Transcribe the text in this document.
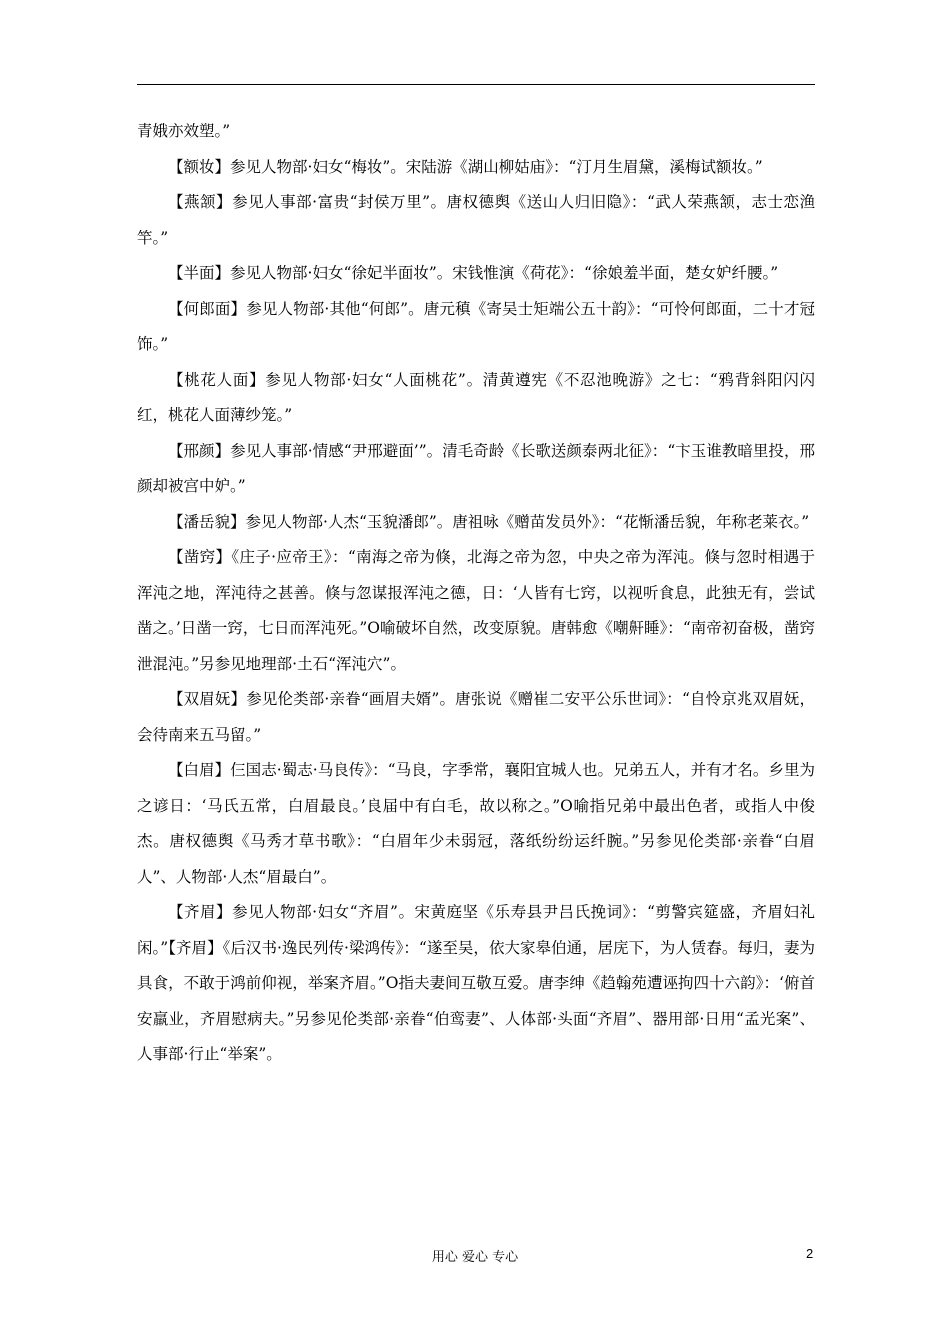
青娥亦效塑。”

【额妆】参见人物部·妇女“梅妆”。宋陆游《湖山柳姑庙》：“汀月生眉黛，溪梅试额妆。”

【燕颔】参见人事部·富贵“封侯万里”。唐权德舆《送山人归旧隐》：“武人荣燕颔，志士恋渔竿。”

【半面】参见人物部·妇女“徐妃半面妆”。宋钱惟演《荷花》：“徐娘羞半面，楚女妒纤腰。”

【何郎面】参见人物部·其他“何郎”。唐元稹《寄吴士矩端公五十韵》：“可怜何郎面，二十才冠饰。”

【桃花人面】参见人物部·妇女“人面桃花”。清黄遵宪《不忍池晚游》之七：“鸦背斜阳闪闪红，桃花人面薄纱笼。”

【邢颜】参见人事部·情感“尹邢避面’”。清毛奇龄《长歌送颜泰两北征》：“卞玉谁教暗里投，邢颜却被宫中妒。”

【潘岳貌】参见人物部·人杰“玉貌潘郎”。唐祖咏《赠苗发员外》：“花惭潘岳貌，年称老莱衣。”

【凿窍】《庄子·应帝王》：“南海之帝为倏，北海之帝为忽，中央之帝为浑沌。倏与忽时相遇于浑沌之地，浑沌待之甚善。倏与忽谋报浑沌之德，日：‘人皆有七窍，以视听食息，此独无有，尝试凿之。’日凿一窍，七日而浑沌死。”O喻破坏自然，改变原貌。唐韩愈《嘲鼾睡》：“南帝初奋极，凿窍泄混沌。”另参见地理部·土石“浑沌穴”。

【双眉妩】参见伦类部·亲眷“画眉夫婿”。唐张说《赠崔二安平公乐世词》：“自怜京兆双眉妩，会待南来五马留。”

【白眉】仨国志·蜀志·马良传》：“马良，字季常，襄阳宜城人也。兄弟五人，并有才名。乡里为之谚日：‘马氏五常，白眉最良。’良届中有白毛，故以称之。”O喻指兄弟中最出色者，或指人中俊杰。唐权德舆《马秀才草书歌》：“白眉年少未弱冠，落纸纷纷运纤腕。”另参见伦类部·亲眷“白眉人”、人物部·人杰“眉最白”。

【齐眉】参见人物部·妇女“齐眉”。宋黄庭坚《乐寿县尹吕氏挽词》：“剪警宾筵盛，齐眉妇礼闲。”【齐眉】《后汉书·逸民列传·梁鸿传》：“遂至吴，依大家皋伯通，居庑下，为人赁舂。每归，妻为具食，不敢于鸿前仰视，举案齐眉。”O指夫妻间互敬互爱。唐李绅《趋翰苑遭诬拘四十六韵》：‘俯首安羸业，齐眉慰病夫。”另参见伦类部·亲眷“伯鸾妻”、人体部·头面“齐眉”、器用部·日用“孟光案”、人事部·行止“举案”。

用心 爱心 专心	2
